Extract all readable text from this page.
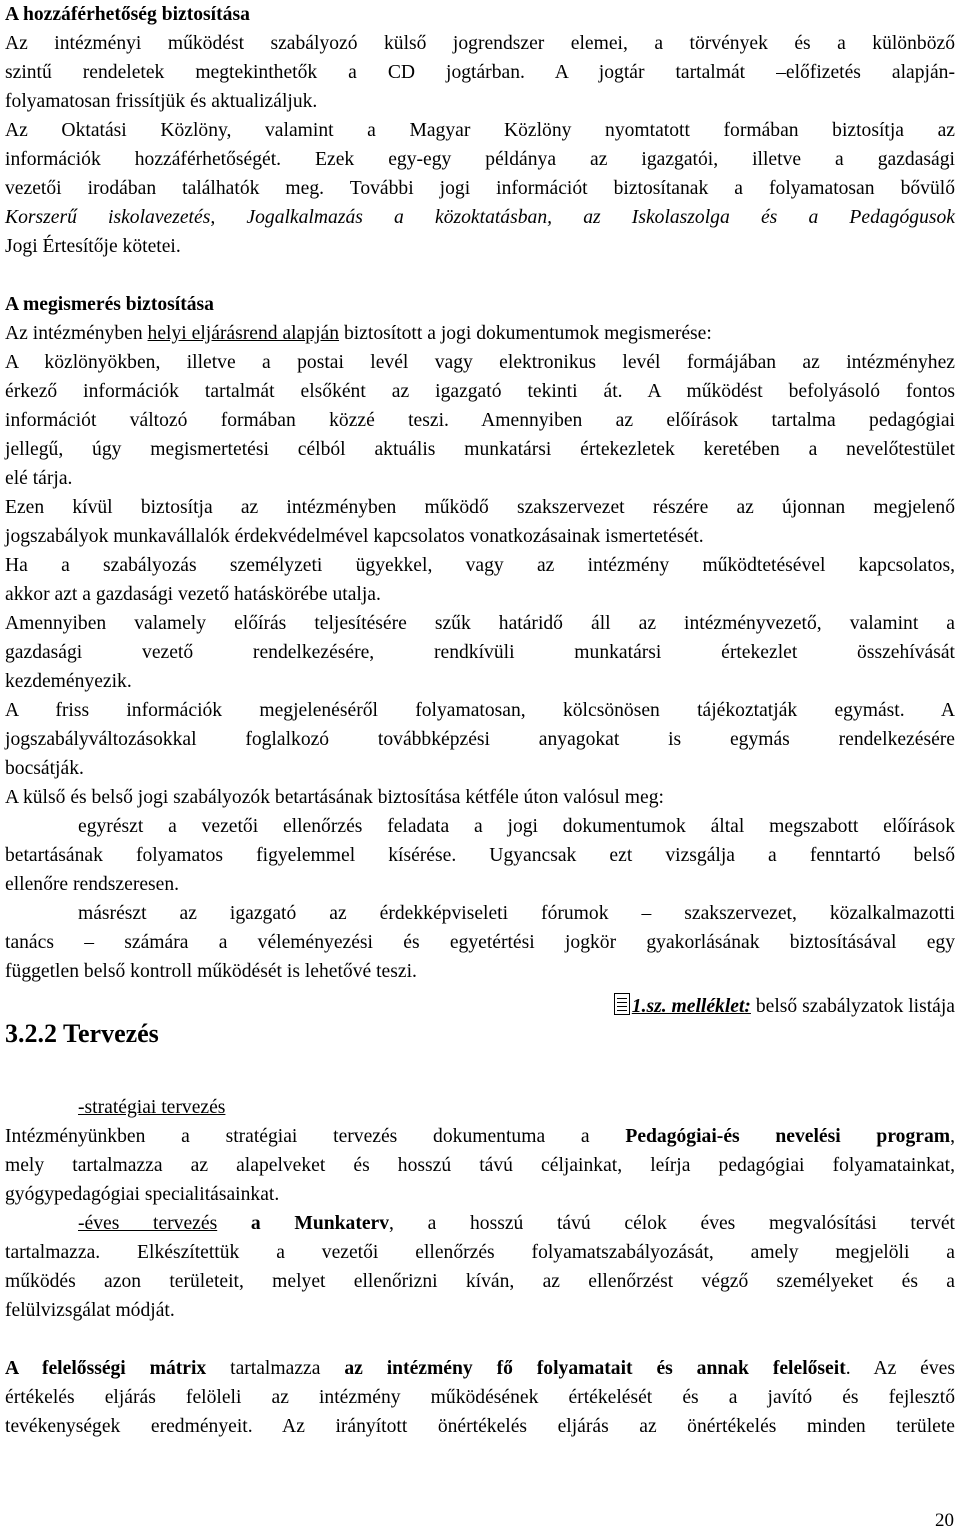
A hozzáférhetőség biztosítása

Az intézményi működést szabályozó külső jogrendszer elemei, a törvények és a különböző

szintű rendeletek megtekinthetők a CD jogtárban. A jogtár tartalmát –előfizetés alapján-

folyamatosan frissítjük és aktualizáljuk.

Az Oktatási Közlöny, valamint a Magyar Közlöny nyomtatott formában biztosítja az

információk hozzáférhetőségét. Ezek egy-egy példánya az igazgatói, illetve a gazdasági

vezetői irodában találhatók meg. További jogi információt biztosítanak a folyamatosan bővülő

Korszerű iskolavezetés, Jogalkalmazás a közoktatásban, az Iskolaszolga és a Pedagógusok

Jogi Értesítője kötetei.

A megismerés biztosítása

Az intézményben helyi eljárásrend alapján biztosított a jogi dokumentumok megismerése:

A közlönyökben, illetve a postai levél vagy elektronikus levél formájában az intézményhez

érkező információk tartalmát elsőként az igazgató tekinti át. A működést befolyásoló fontos

információt változó formában közzé teszi. Amennyiben az előírások tartalma pedagógiai

jellegű, úgy megismertetési célból aktuális munkatársi értekezletek keretében a nevelőtestület

elé tárja.

Ezen kívül biztosítja az intézményben működő szakszervezet részére az újonnan megjelenő

jogszabályok munkavállalók érdekvédelmével kapcsolatos vonatkozásainak ismertetését.

Ha a szabályozás személyzeti ügyekkel, vagy az intézmény működtetésével kapcsolatos,

akkor azt a gazdasági vezető hatáskörébe utalja.

Amennyiben valamely előírás teljesítésére szűk határidő áll az intézményvezető, valamint a

gazdasági vezető rendelkezésére, rendkívüli munkatársi értekezlet összehívását

kezdeményezik.

A friss információk megjelenéséről folyamatosan, kölcsönösen tájékoztatják egymást. A

jogszabályváltozásokkal foglalkozó továbbképzési anyagokat is egymás rendelkezésére

bocsátják.

A külső és belső jogi szabályozók betartásának biztosítása kétféle úton valósul meg:

egyrészt a vezetői ellenőrzés feladata a jogi dokumentumok által megszabott előírások

betartásának folyamatos figyelemmel kísérése. Ugyancsak ezt vizsgálja a fenntartó belső

ellenőre rendszeresen.

másrészt az igazgató az érdekképviseleti fórumok – szakszervezet, közalkalmazotti

tanács – számára a véleményezési és egyetértési jogkör gyakorlásának biztosításával egy

független belső kontroll működését is lehetővé teszi.

1.sz. melléklet: belső szabályzatok listája
3.2.2 Tervezés

-stratégiai tervezés

Intézményünkben a stratégiai tervezés dokumentuma a Pedagógiai-és nevelési program,

mely tartalmazza az alapelveket és hosszú távú céljainkat, leírja pedagógiai folyamatainkat,

gyógypedagógiai specialitásainkat.

-éves tervezés a Munkaterv, a hosszú távú célok éves megvalósítási tervét

tartalmazza. Elkészítettük a vezetői ellenőrzés folyamatszabályozását, amely megjelöli a

működés azon területeit, melyet ellenőrizni kíván, az ellenőrzést végző személyeket és a

felülvizsgálat módját.

A felelősségi mátrix tartalmazza az intézmény fő folyamatait és annak felelőseit. Az éves

értékelés eljárás felöleli az intézmény működésének értékelését és a javító és fejlesztő

tevékenységek eredményeit. Az irányított önértékelés eljárás az önértékelés minden területe

20
